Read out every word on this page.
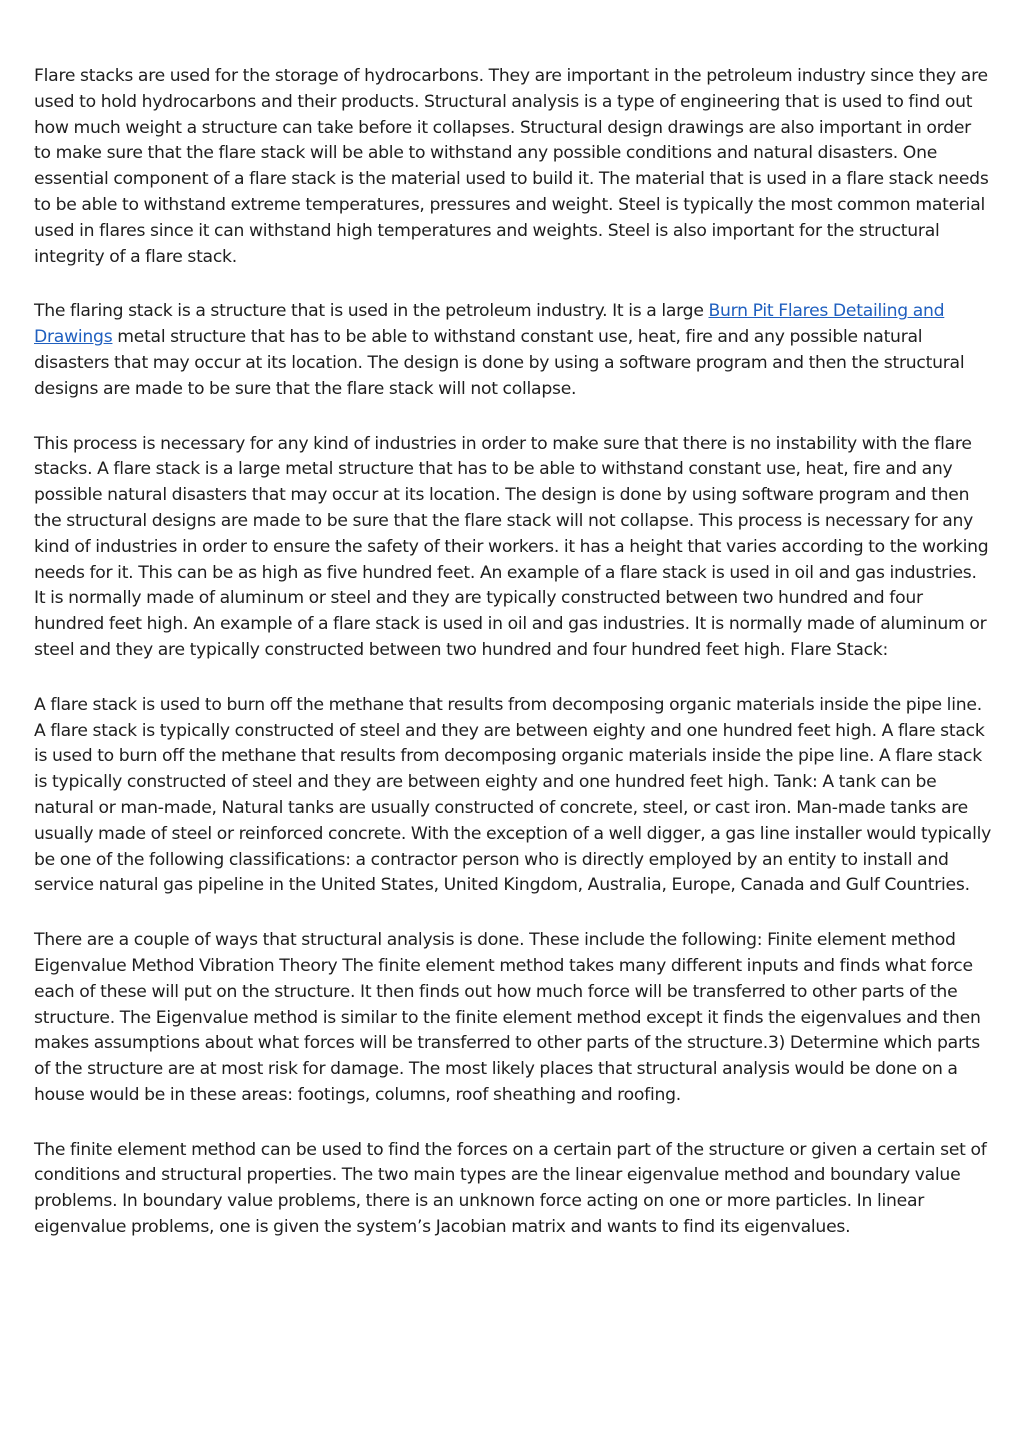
Flare stacks are used for the storage of hydrocarbons. They are important in the petroleum industry since they are used to hold hydrocarbons and their products. Structural analysis is a type of engineering that is used to find out how much weight a structure can take before it collapses. Structural design drawings are also important in order to make sure that the flare stack will be able to withstand any possible conditions and natural disasters. One essential component of a flare stack is the material used to build it. The material that is used in a flare stack needs to be able to withstand extreme temperatures, pressures and weight. Steel is typically the most common material used in flares since it can withstand high temperatures and weights. Steel is also important for the structural integrity of a flare stack.

The flaring stack is a structure that is used in the petroleum industry. It is a large Burn Pit Flares Detailing and Drawings metal structure that has to be able to withstand constant use, heat, fire and any possible natural disasters that may occur at its location. The design is done by using a software program and then the structural designs are made to be sure that the flare stack will not collapse.

This process is necessary for any kind of industries in order to make sure that there is no instability with the flare stacks. A flare stack is a large metal structure that has to be able to withstand constant use, heat, fire and any possible natural disasters that may occur at its location. The design is done by using software program and then the structural designs are made to be sure that the flare stack will not collapse. This process is necessary for any kind of industries in order to ensure the safety of their workers. it has a height that varies according to the working needs for it. This can be as high as five hundred feet. An example of a flare stack is used in oil and gas industries. It is normally made of aluminum or steel and they are typically constructed between two hundred and four hundred feet high. An example of a flare stack is used in oil and gas industries. It is normally made of aluminum or steel and they are typically constructed between two hundred and four hundred feet high. Flare Stack:

A flare stack is used to burn off the methane that results from decomposing organic materials inside the pipe line. A flare stack is typically constructed of steel and they are between eighty and one hundred feet high. A flare stack is used to burn off the methane that results from decomposing organic materials inside the pipe line. A flare stack is typically constructed of steel and they are between eighty and one hundred feet high. Tank: A tank can be natural or man-made, Natural tanks are usually constructed of concrete, steel, or cast iron. Man-made tanks are usually made of steel or reinforced concrete. With the exception of a well digger, a gas line installer would typically be one of the following classifications: a contractor person who is directly employed by an entity to install and service natural gas pipeline in the United States, United Kingdom, Australia, Europe, Canada and Gulf Countries.

There are a couple of ways that structural analysis is done. These include the following: Finite element method Eigenvalue Method Vibration Theory The finite element method takes many different inputs and finds what force each of these will put on the structure. It then finds out how much force will be transferred to other parts of the structure. The Eigenvalue method is similar to the finite element method except it finds the eigenvalues and then makes assumptions about what forces will be transferred to other parts of the structure.3) Determine which parts of the structure are at most risk for damage. The most likely places that structural analysis would be done on a house would be in these areas: footings, columns, roof sheathing and roofing.

The finite element method can be used to find the forces on a certain part of the structure or given a certain set of conditions and structural properties. The two main types are the linear eigenvalue method and boundary value problems. In boundary value problems, there is an unknown force acting on one or more particles. In linear eigenvalue problems, one is given the system’s Jacobian matrix and wants to find its eigenvalues.
